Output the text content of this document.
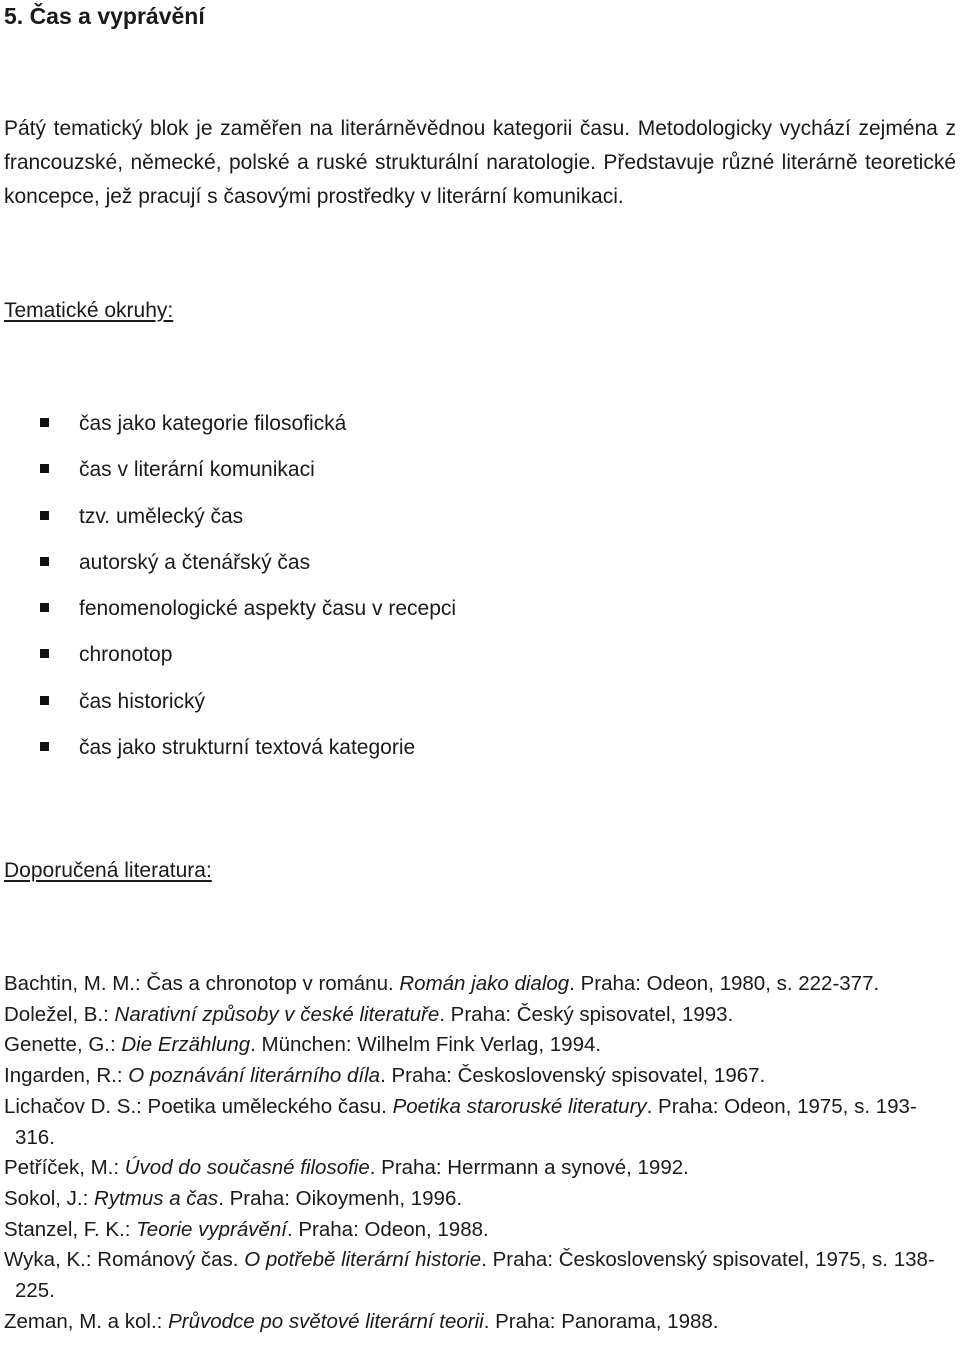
5. Čas a vyprávění

Pátý tematický blok je zaměřen na literárněvědnou kategorii času. Metodologicky vychází zejména z francouzské, německé, polské a ruské strukturální naratologie. Představuje různé literárně teoretické koncepce, jež pracují s časovými prostředky v literární komunikaci.

Tematické okruhy:

čas jako kategorie filosofická
čas v literární komunikaci
tzv. umělecký čas
autorský a čtenářský čas
fenomenologické aspekty času v recepci
chronotop
čas historický
čas jako strukturní textová kategorie

Doporučená literatura:

Bachtin, M. M.: Čas a chronotop v románu. Román jako dialog. Praha: Odeon, 1980, s. 222-377.
Doležel, B.: Narativní způsoby v české literatuře. Praha: Český spisovatel, 1993.
Genette, G.: Die Erzählung. München: Wilhelm Fink Verlag, 1994.
Ingarden, R.: O poznávání literárního díla. Praha: Československý spisovatel, 1967.
Lichačov D. S.: Poetika uměleckého času. Poetika staroruské literatury. Praha: Odeon, 1975, s. 193-316.
Petříček, M.: Úvod do současné filosofie. Praha: Herrmann a synové, 1992.
Sokol, J.: Rytmus a čas. Praha: Oikoymenh, 1996.
Stanzel, F. K.: Teorie vyprávění. Praha: Odeon, 1988.
Wyka, K.: Románový čas. O potřebě literární historie. Praha: Československý spisovatel, 1975, s. 138-225.
Zeman, M. a kol.: Průvodce po světové literární teorii. Praha: Panorama, 1988.
